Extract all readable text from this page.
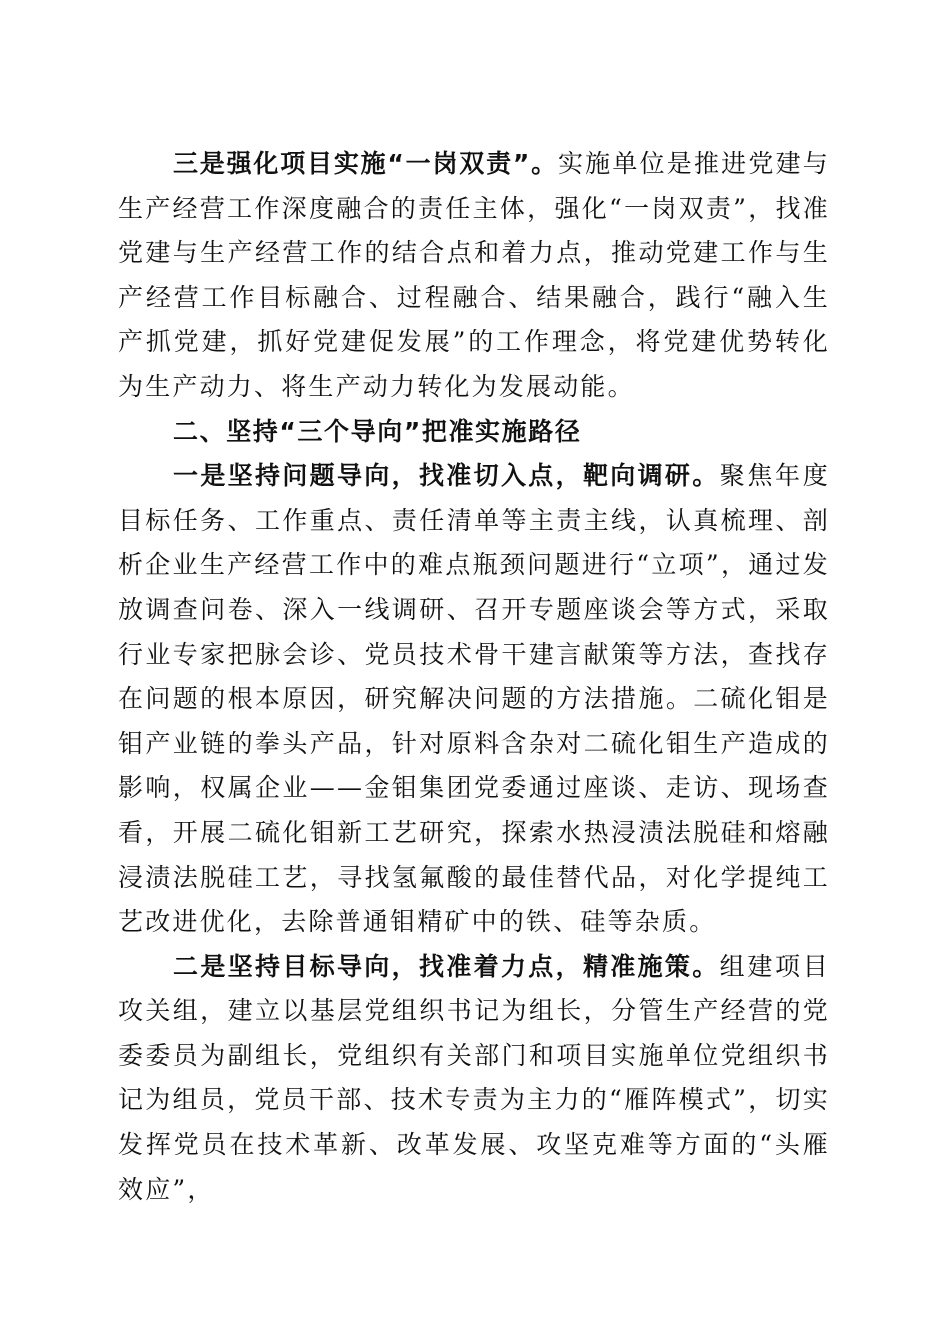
三是强化项目实施“一岗双责”。实施单位是推进党建与生产经营工作深度融合的责任主体，强化“一岗双责”，找准党建与生产经营工作的结合点和着力点，推动党建工作与生产经营工作目标融合、过程融合、结果融合，践行“融入生产抓党建，抓好党建促发展”的工作理念，将党建优势转化为生产动力、将生产动力转化为发展动能。

二、坚持“三个导向”把准实施路径

一是坚持问题导向，找准切入点，靶向调研。聚焦年度目标任务、工作重点、责任清单等主责主线，认真梳理、剖析企业生产经营工作中的难点瓶颈问题进行“立项”，通过发放调查问卷、深入一线调研、召开专题座谈会等方式，采取行业专家把脉会诊、党员技术骨干建言献策等方法，查找存在问题的根本原因，研究解决问题的方法措施。二硫化钼是钼产业链的拳头产品，针对原料含杂对二硫化钼生产造成的影响，权属企业——金钼集团党委通过座谈、走访、现场查看，开展二硫化钼新工艺研究，探索水热浸渍法脱硅和熔融浸渍法脱硅工艺，寻找氢氟酸的最佳替代品，对化学提纯工艺改进优化，去除普通钼精矿中的铁、硅等杂质。

二是坚持目标导向，找准着力点，精准施策。组建项目攻关组，建立以基层党组织书记为组长，分管生产经营的党委委员为副组长，党组织有关部门和项目实施单位党组织书记为组员，党员干部、技术专责为主力的“雁阵模式”，切实发挥党员在技术革新、改革发展、攻坚克难等方面的“头雁效应”，
